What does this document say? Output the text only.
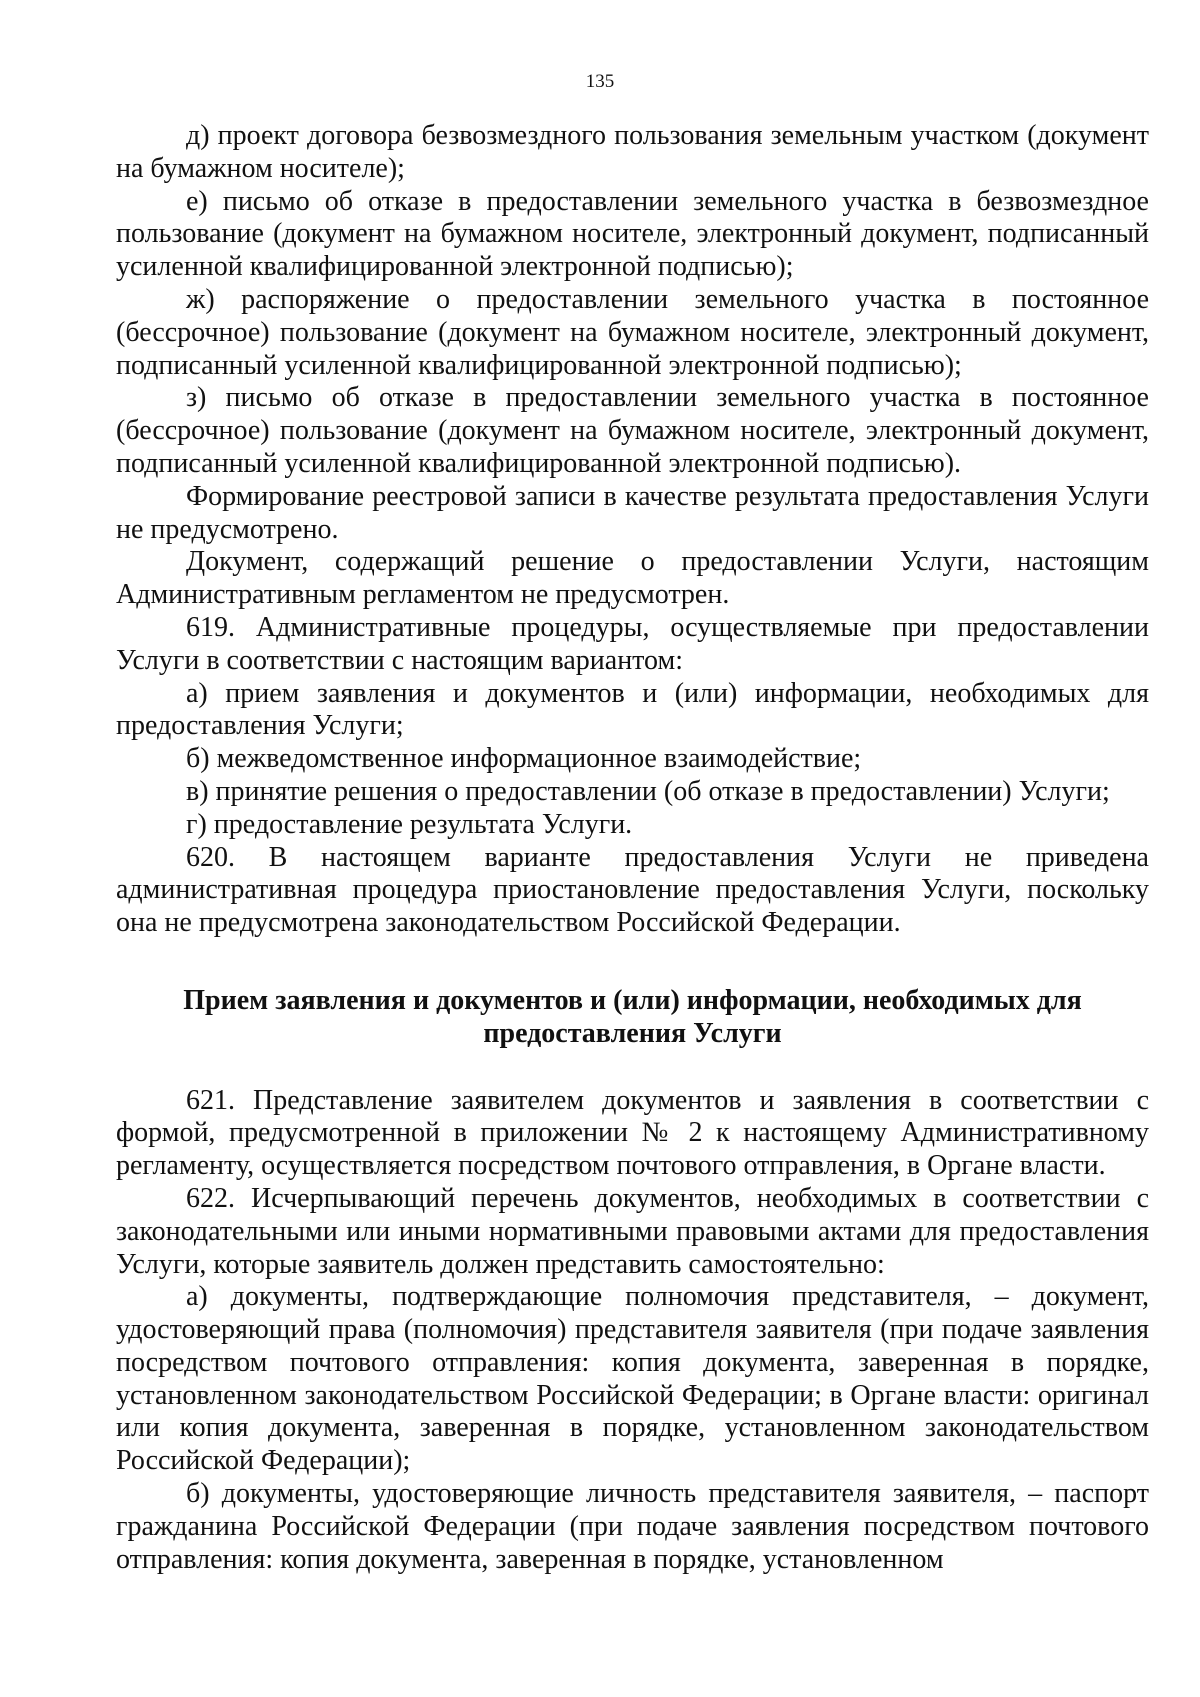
135

д) проект договора безвозмездного пользования земельным участком (документ на бумажном носителе);

е) письмо об отказе в предоставлении земельного участка в безвозмездное пользование (документ на бумажном носителе, электронный документ, подписанный усиленной квалифицированной электронной подписью);

ж) распоряжение о предоставлении земельного участка в постоянное (бессрочное) пользование (документ на бумажном носителе, электронный документ, подписанный усиленной квалифицированной электронной подписью);

з) письмо об отказе в предоставлении земельного участка в постоянное (бессрочное) пользование (документ на бумажном носителе, электронный документ, подписанный усиленной квалифицированной электронной подписью).

Формирование реестровой записи в качестве результата предоставления Услуги не предусмотрено.

Документ, содержащий решение о предоставлении Услуги, настоящим Административным регламентом не предусмотрен.

619. Административные процедуры, осуществляемые при предоставлении Услуги в соответствии с настоящим вариантом:

а) прием заявления и документов и (или) информации, необходимых для предоставления Услуги;

б) межведомственное информационное взаимодействие;

в) принятие решения о предоставлении (об отказе в предоставлении) Услуги;

г) предоставление результата Услуги.

620. В настоящем варианте предоставления Услуги не приведена административная процедура приостановление предоставления Услуги, поскольку она не предусмотрена законодательством Российской Федерации.

Прием заявления и документов и (или) информации, необходимых для предоставления Услуги

621. Представление заявителем документов и заявления в соответствии с формой, предусмотренной в приложении № 2 к настоящему Административному регламенту, осуществляется посредством почтового отправления, в Органе власти.

622. Исчерпывающий перечень документов, необходимых в соответствии с законодательными или иными нормативными правовыми актами для предоставления Услуги, которые заявитель должен представить самостоятельно:

а) документы, подтверждающие полномочия представителя, – документ, удостоверяющий права (полномочия) представителя заявителя (при подаче заявления посредством почтового отправления: копия документа, заверенная в порядке, установленном законодательством Российской Федерации; в Органе власти: оригинал или копия документа, заверенная в порядке, установленном законодательством Российской Федерации);

б) документы, удостоверяющие личность представителя заявителя, – паспорт гражданина Российской Федерации (при подаче заявления посредством почтового отправления: копия документа, заверенная в порядке, установленном
